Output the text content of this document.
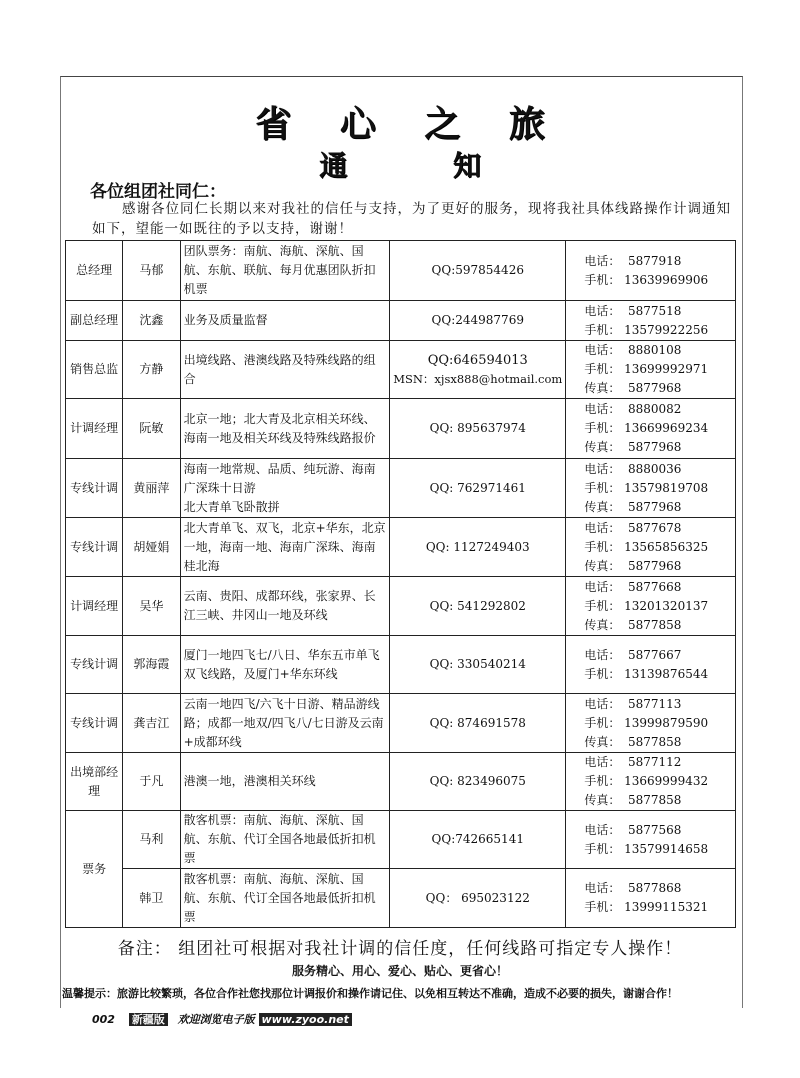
省 心 之 旅
通 知
各位组团社同仁：
感谢各位同仁长期以来对我社的信任与支持，为了更好的服务，现将我社具体线路操作计调通知如下，望能一如既往的予以支持，谢谢！
总经理	马郁	团队票务：南航、海航、深航、国航、东航、联航、每月优惠团队折扣机票	QQ:597854426	电话：  5877918
手机： 13639969906
副总经理	沈鑫	业务及质量监督	QQ:244987769	电话：  5877518
手机： 13579922256
销售总监	方静	出境线路、港澳线路及特殊线路的组合	QQ:646594013
MSN：xjsx888@hotmail.com	电话：  8880108
手机： 13699992971
传真：  5877968
计调经理	阮敏	北京一地；北大青及北京相关环线、海南一地及相关环线及特殊线路报价	QQ: 895637974	电话：  8880082
手机： 13669969234
传真：  5877968
专线计调	黄丽萍	海南一地常规、品质、纯玩游、海南广深珠十日游
北大青单飞卧散拼	QQ: 762971461	电话：  8880036
手机： 13579819708
传真：  5877968
专线计调	胡娅娟	北大青单飞、双飞，北京+华东，北京一地，海南一地、海南广深珠、海南桂北海	QQ: 1127249403	电话：  5877678
手机： 13565856325
传真：  5877968
计调经理	吴华	云南、贵阳、成都环线，张家界、长江三峡、井冈山一地及环线	QQ: 541292802	电话：  5877668
手机： 13201320137
传真：  5877858
专线计调	郭海霞	厦门一地四飞七/八日、华东五市单飞双飞线路，及厦门+华东环线	QQ: 330540214	电话：  5877667
手机： 13139876544
专线计调	龚吉江	云南一地四飞/六飞十日游、精品游线路；成都一地双/四飞八/七日游及云南+成都环线	QQ: 874691578	电话：  5877113
手机： 13999879590
传真：  5877858
出境部经理	于凡	港澳一地，港澳相关环线	QQ: 823496075	电话：  5877112
手机： 13669999432
传真：  5877858
票务	马利	散客机票：南航、海航、深航、国航、东航、代订全国各地最低折扣机票	QQ:742665141	电话：  5877568
手机： 13579914658
	韩卫	散客机票：南航、海航、深航、国航、东航、代订全国各地最低折扣机票	QQ： 695023122	电话：  5877868
手机： 13999115321
备注： 组团社可根据对我社计调的信任度，任何线路可指定专人操作！
服务精心、用心、爱心、贴心、更省心！
温馨提示：旅游比较繁琐，各位合作社您找那位计调报价和操作请记住、以免相互转达不准确，造成不必要的损失，谢谢合作！
002 新疆版 欢迎浏览电子版 www.zyoo.net
